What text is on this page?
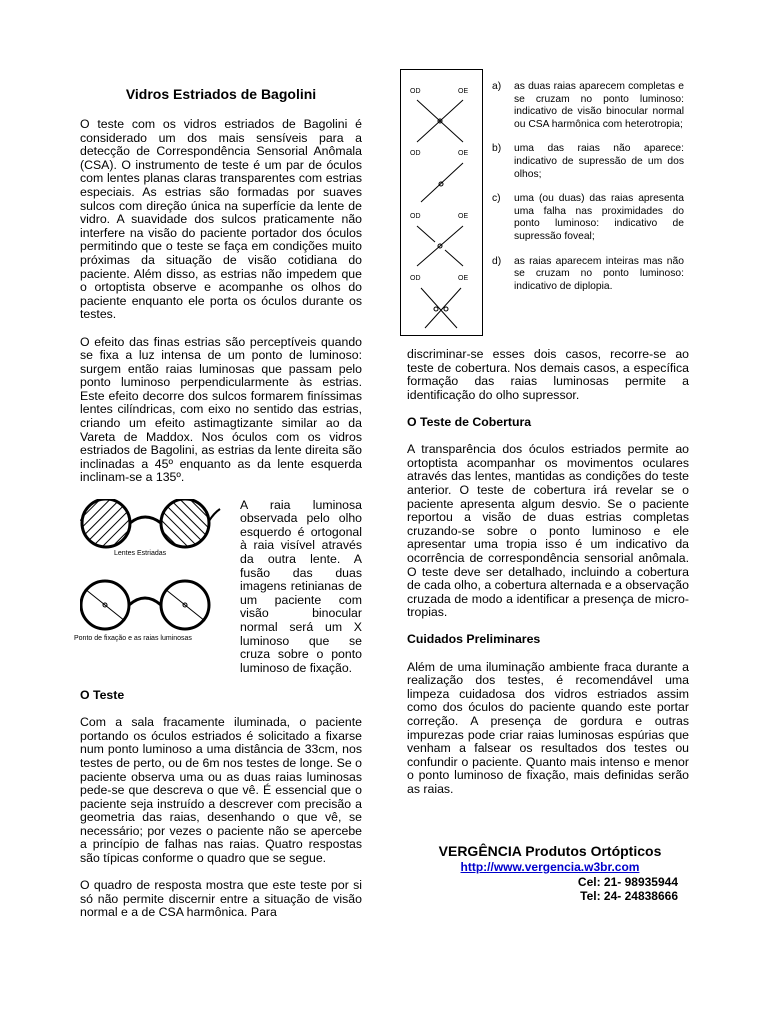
Vidros Estriados de Bagolini

O teste com os vidros estriados de Bagolini é considerado um dos mais sensíveis para a detecção de Correspondência Sensorial Anômala (CSA). O instrumento de teste é um par de óculos com lentes planas claras transparentes com estrias especiais. As estrias são formadas por suaves sulcos com direção única na superfície da lente de vidro. A suavidade dos sulcos praticamente não interfere na visão do paciente portador dos óculos permitindo que o teste se faça em condições muito próximas da situação de visão cotidiana do paciente. Além disso, as estrias não impedem que o ortoptista observe e acompanhe os olhos do paciente enquanto ele porta os óculos durante os testes.

O efeito das finas estrias são perceptíveis quando se fixa a luz intensa de um ponto de luminoso: surgem então raias luminosas que passam pelo ponto luminoso perpendicularmente às estrias. Este efeito decorre dos sulcos formarem finíssimas lentes cilíndricas, com eixo no sentido das estrias, criando um efeito astimagtizante similar ao da Vareta de Maddox. Nos óculos com os vidros estriados de Bagolini, as estrias da lente direita são inclinadas a 45º enquanto as da lente esquerda inclinam-se a 135º.

Lentes Estriadas
Ponto de fixação e as raias luminosas
A raia luminosa observada pelo olho esquerdo é ortogonal à raia visível através da outra lente. A fusão das duas imagens retinianas de um paciente com visão binocular normal será um X luminoso que se cruza sobre o ponto luminoso de fixação.
O Teste

Com a sala fracamente iluminada, o paciente portando os óculos estriados é solicitado a fixarse num ponto luminoso a uma distância de 33cm, nos testes de perto, ou de 6m nos testes de longe. Se o paciente observa uma ou as duas raias luminosas pede-se que descreva o que vê. É essencial que o paciente seja instruído a descrever com precisão a geometria das raias, desenhando o que vê, se necessário; por vezes o paciente não se apercebe a princípio de falhas nas raias. Quatro respostas são típicas conforme o quadro que se segue.

O quadro de resposta mostra que este teste por si só não permite discernir entre a situação de visão normal e a de CSA harmônica. Para

OD	OE
OD	OE
OD	OE
OD	OE
a)	as duas raias aparecem completas e se cruzam no ponto luminoso: indicativo de visão binocular normal ou CSA harmônica com heterotropia;
b)	uma das raias não aparece: indicativo de supressão de um dos olhos;
c)	uma (ou duas) das raias apresenta uma falha nas proximidades do ponto luminoso: indicativo de supressão foveal;
d)	as raias aparecem inteiras mas não se cruzam no ponto luminoso: indicativo de diplopia.

discriminar-se esses dois casos, recorre-se ao teste de cobertura. Nos demais casos, a específica formação das raias luminosas permite a identificação do olho supressor.

O Teste de Cobertura

A transparência dos óculos estriados permite ao ortoptista acompanhar os movimentos oculares através das lentes, mantidas as condições do teste anterior. O teste de cobertura irá revelar se o paciente apresenta algum desvio. Se o paciente reportou a visão de duas estrias completas cruzando-se sobre o ponto luminoso e ele apresentar uma tropia isso é um indicativo da ocorrência de correspondência sensorial anômala. O teste deve ser detalhado, incluindo a cobertura de cada olho, a cobertura alternada e a observação cruzada de modo a identificar a presença de micro-tropias.

Cuidados Preliminares

Além de uma iluminação ambiente fraca durante a realização dos testes, é recomendável uma limpeza cuidadosa dos vidros estriados assim como dos óculos do paciente quando este portar correção. A presença de gordura e outras impurezas pode criar raias luminosas espúrias que venham a falsear os resultados dos testes ou confundir o paciente. Quanto mais intenso e menor o ponto luminoso de fixação, mais definidas serão as raias.

VERGÊNCIA Produtos Ortópticos
http://www.vergencia.w3br.com
Cel: 21- 98935944
Tel: 24- 24838666
